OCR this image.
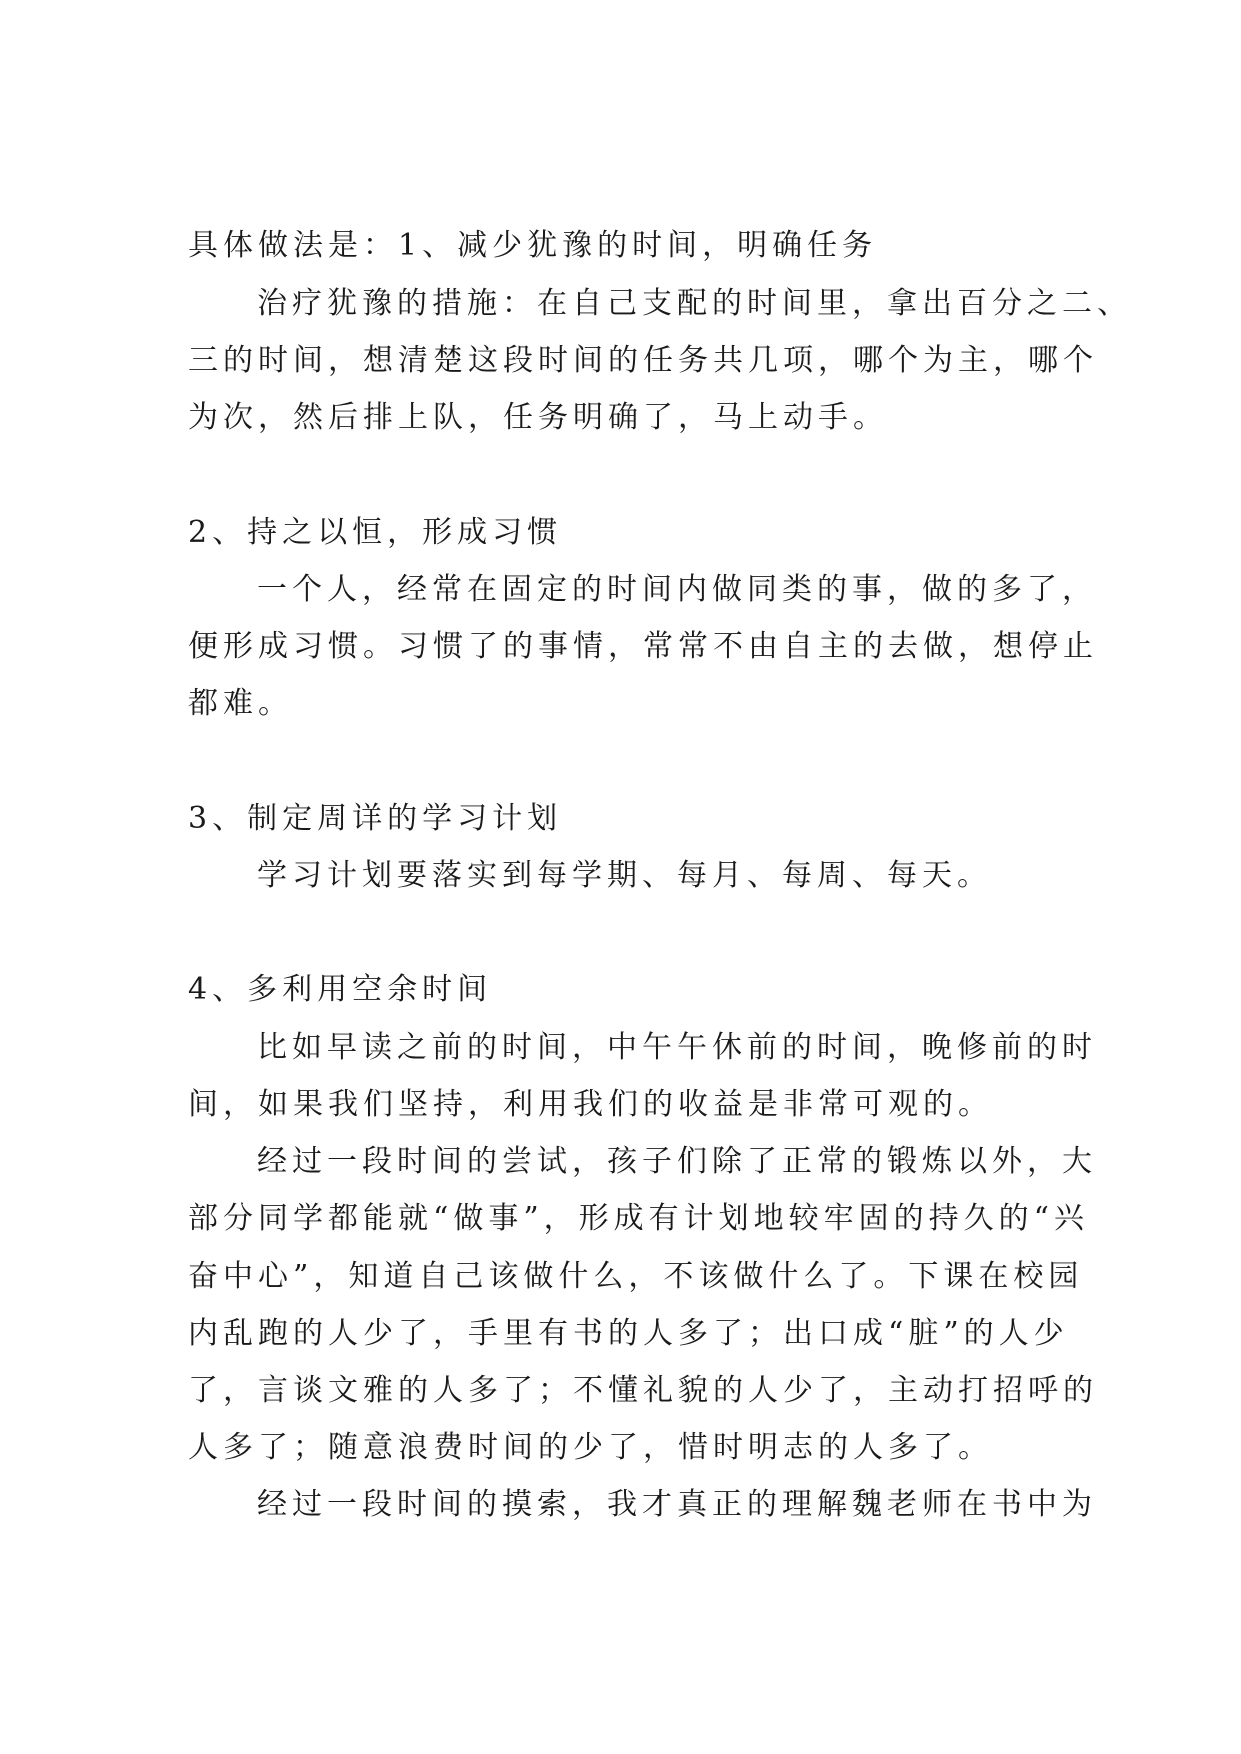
具体做法是：1、减少犹豫的时间，明确任务
治疗犹豫的措施：在自己支配的时间里，拿出百分之二、
三的时间，想清楚这段时间的任务共几项，哪个为主，哪个
为次，然后排上队，任务明确了，马上动手。
2、持之以恒，形成习惯
一个人，经常在固定的时间内做同类的事，做的多了，
便形成习惯。习惯了的事情，常常不由自主的去做，想停止
都难。
3、制定周详的学习计划
学习计划要落实到每学期、每月、每周、每天。
4、多利用空余时间
比如早读之前的时间，中午午休前的时间，晚修前的时
间，如果我们坚持，利用我们的收益是非常可观的。
经过一段时间的尝试，孩子们除了正常的锻炼以外，大
部分同学都能就“做事”，形成有计划地较牢固的持久的“兴
奋中心”，知道自己该做什么，不该做什么了。下课在校园
内乱跑的人少了，手里有书的人多了；出口成“脏”的人少
了，言谈文雅的人多了；不懂礼貌的人少了，主动打招呼的
人多了；随意浪费时间的少了，惜时明志的人多了。
经过一段时间的摸索，我才真正的理解魏老师在书中为
